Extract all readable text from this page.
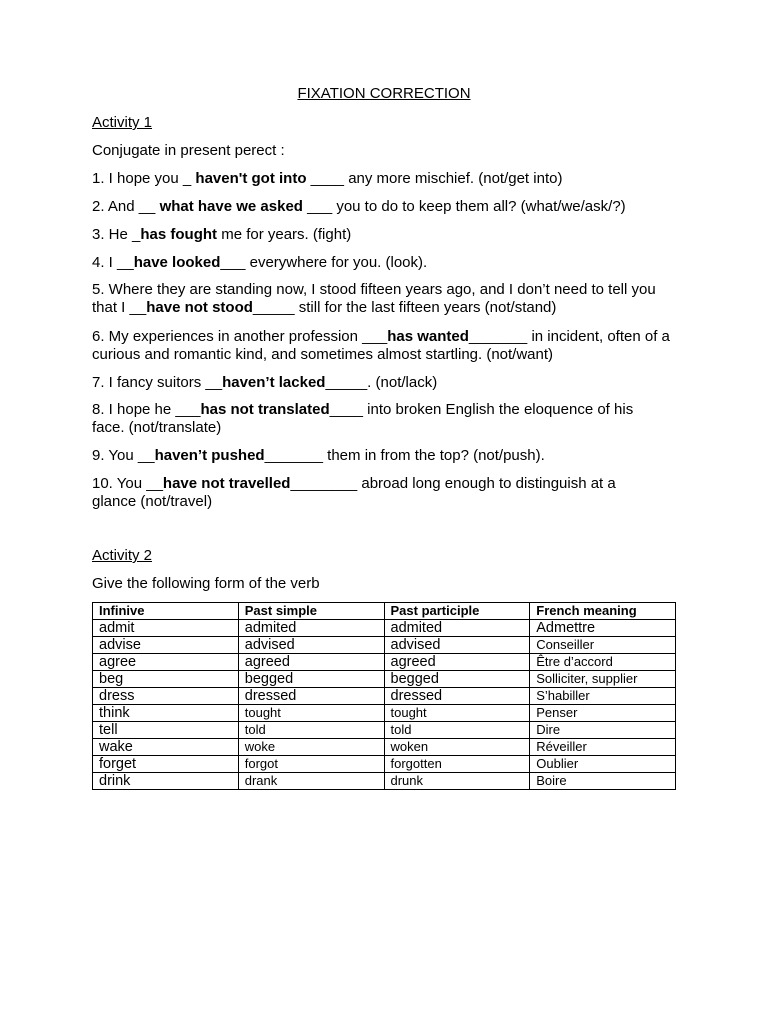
FIXATION CORRECTION
Activity 1
Conjugate in present perect :
1. I hope you _ haven't got into ____ any more mischief. (not/get into)
2. And __ what have we asked ___ you to do to keep them all? (what/we/ask/?)
3. He _has fought me for years. (fight)
4. I __have looked___ everywhere for you. (look).
5. Where they are standing now, I stood fifteen years ago, and I don’t need to tell you that I __have not stood_____ still for the last fifteen years (not/stand)
6. My experiences in another profession ___has wanted_______ in incident, often of a curious and romantic kind, and sometimes almost startling. (not/want)
7. I fancy suitors __haven’t lacked_____. (not/lack)
8. I hope he ___has not translated____ into broken English the eloquence of his face. (not/translate)
9. You __haven’t pushed_______ them in from the top? (not/push).
10. You __have not travelled________ abroad long enough to distinguish at a glance (not/travel)
Activity 2
Give the following form of the verb
Infinive	Past simple	Past participle	French meaning
admit	admited	admited	Admettre
advise	advised	advised	Conseiller
agree	agreed	agreed	Être d’accord
beg	begged	begged	Solliciter, supplier
dress	dressed	dressed	S’habiller
think	tought	tought	Penser
tell	told	told	Dire
wake	woke	woken	Réveiller
forget	forgot	forgotten	Oublier
drink	drank	drunk	Boire
